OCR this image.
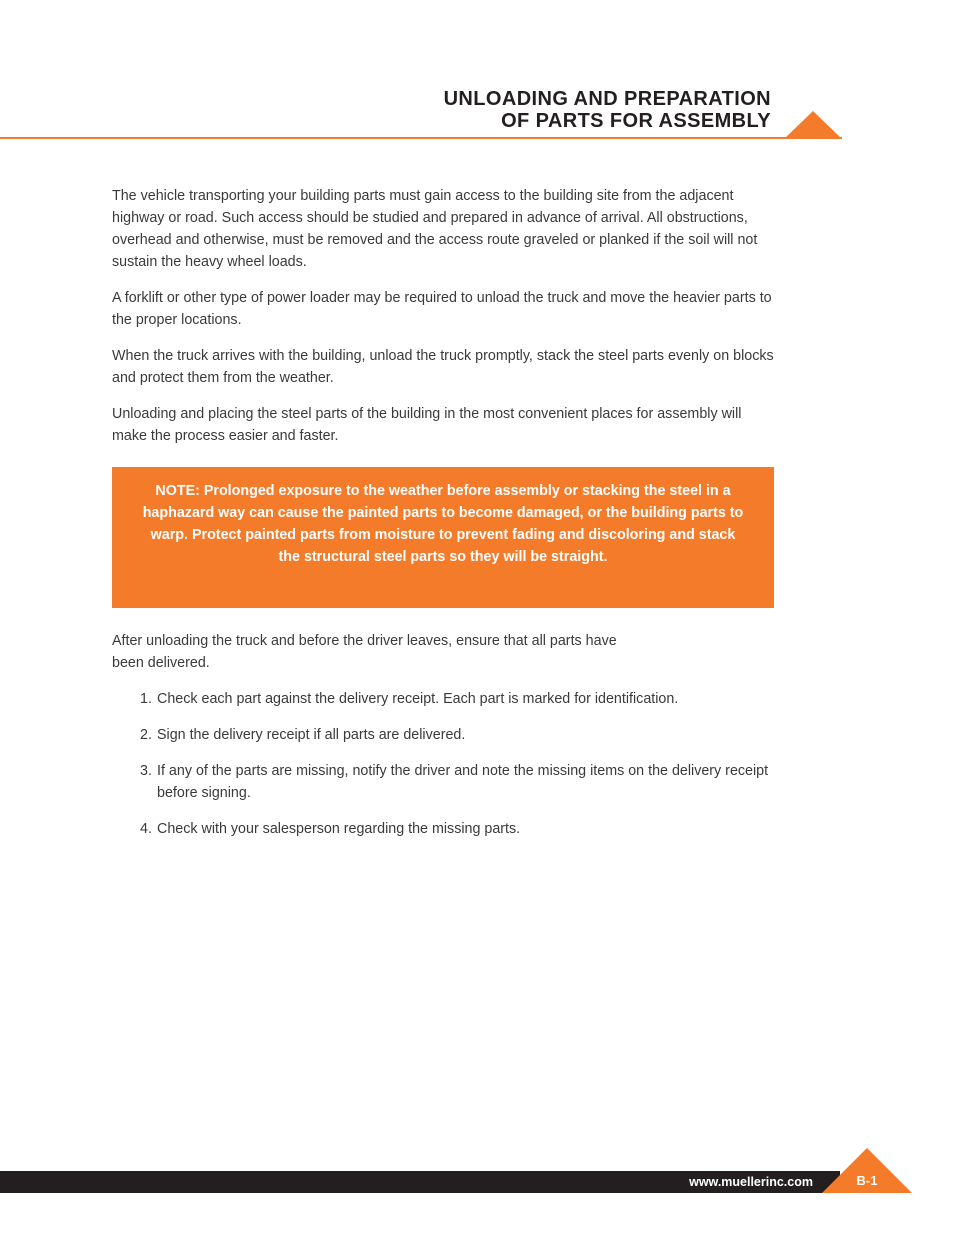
UNLOADING AND PREPARATION
OF PARTS FOR ASSEMBLY

The vehicle transporting your building parts must gain access to the building site from the adjacent highway or road. Such access should be studied and prepared in advance of arrival. All obstructions, overhead and otherwise, must be removed and the access route graveled or planked if the soil will not sustain the heavy wheel loads.

A forklift or other type of power loader may be required to unload the truck and move the heavier parts to the proper locations.

When the truck arrives with the building, unload the truck promptly, stack the steel parts evenly on blocks and protect them from the weather.

Unloading and placing the steel parts of the building in the most convenient places for assembly will make the process easier and faster.

NOTE: Prolonged exposure to the weather before assembly or stacking the steel in a haphazard way can cause the painted parts to become damaged, or the building parts to warp. Protect painted parts from moisture to prevent fading and discoloring and stack the structural steel parts so they will be straight.

After unloading the truck and before the driver leaves, ensure that all parts have been delivered.

1. Check each part against the delivery receipt. Each part is marked for identification.
2. Sign the delivery receipt if all parts are delivered.
3. If any of the parts are missing, notify the driver and note the missing items on the delivery receipt before signing.
4. Check with your salesperson regarding the missing parts.
www.muellerinc.com	B-1
